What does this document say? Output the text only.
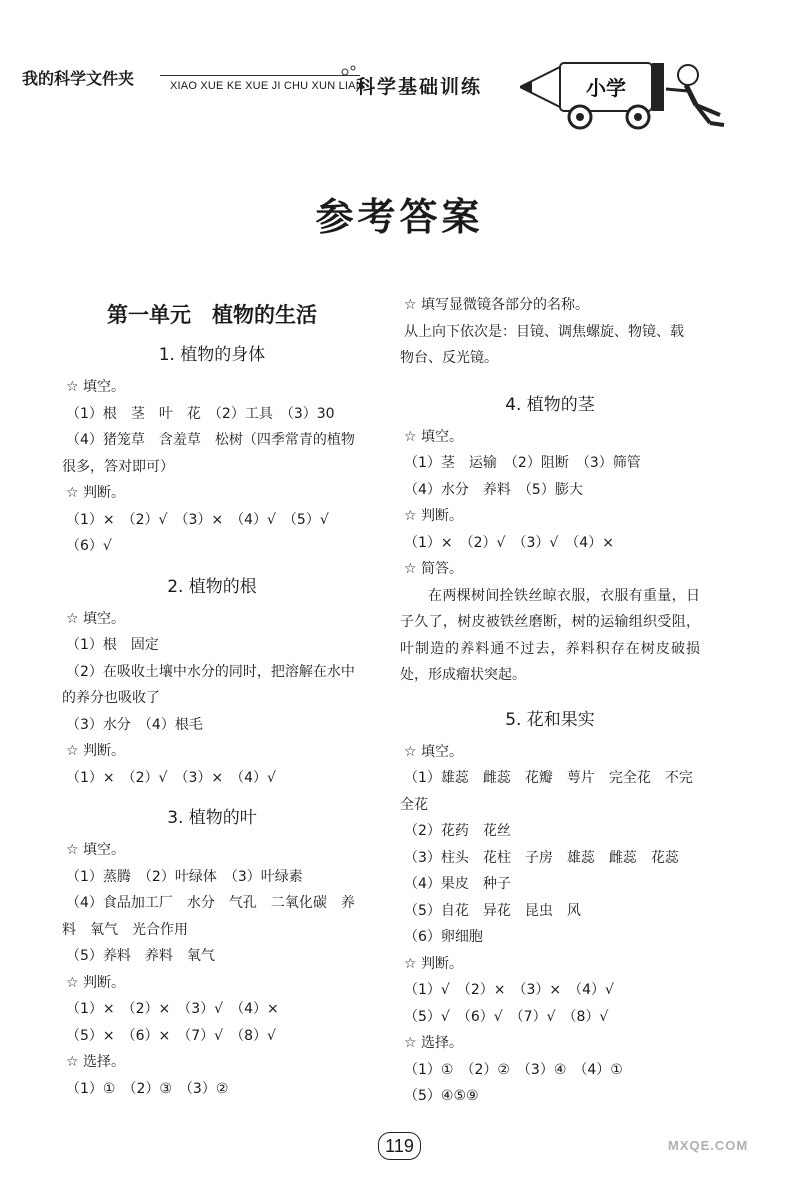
我的科学文件夹	XIAO XUE KE XUE JI CHU XUN LIAN
科学基础训练	小学
参考答案
第一单元　植物的生活
1. 植物的身体
☆ 填空。
（1）根　茎　叶　花　（2）工具　（3）30
（4）猪笼草　含羞草　松树（四季常青的植物
很多，答对即可）
☆ 判断。
（1）×　（2）√　（3）×　（4）√　（5）√
（6）√
2. 植物的根
☆ 填空。
（1）根　固定
（2）在吸收土壤中水分的同时，把溶解在水中
的养分也吸收了
（3）水分　（4）根毛
☆ 判断。
（1）×　（2）√　（3）×　（4）√
3. 植物的叶
☆ 填空。
（1）蒸腾　（2）叶绿体　（3）叶绿素
（4）食品加工厂　水分　气孔　二氧化碳　养
料　氧气　光合作用
（5）养料　养料　氧气
☆ 判断。
（1）×　（2）×　（3）√　（4）×
（5）×　（6）×　（7）√　（8）√
☆ 选择。
（1）①　（2）③　（3）②
☆ 填写显微镜各部分的名称。
从上向下依次是：目镜、调焦螺旋、物镜、载
物台、反光镜。
4. 植物的茎
☆ 填空。
（1）茎　运输　（2）阻断　（3）筛管
（4）水分　养料　（5）膨大
☆ 判断。
（1）×　（2）√　（3）√　（4）×
☆ 简答。
在两棵树间拴铁丝晾衣服，衣服有重量，日子久了，树皮被铁丝磨断，树的运输组织受阻，叶制造的养料通不过去，养料积存在树皮破损处，形成瘤状突起。
5. 花和果实
☆ 填空。
（1）雄蕊　雌蕊　花瓣　萼片　完全花　不完
全花
（2）花药　花丝
（3）柱头　花柱　子房　雄蕊　雌蕊　花蕊
（4）果皮　种子
（5）自花　异花　昆虫　风
（6）卵细胞
☆ 判断。
（1）√　（2）×　（3）×　（4）√
（5）√　（6）√　（7）√　（8）√
☆ 选择。
（1）①　（2）②　（3）④　（4）①
（5）④⑤⑨
119	MXQE.COM
